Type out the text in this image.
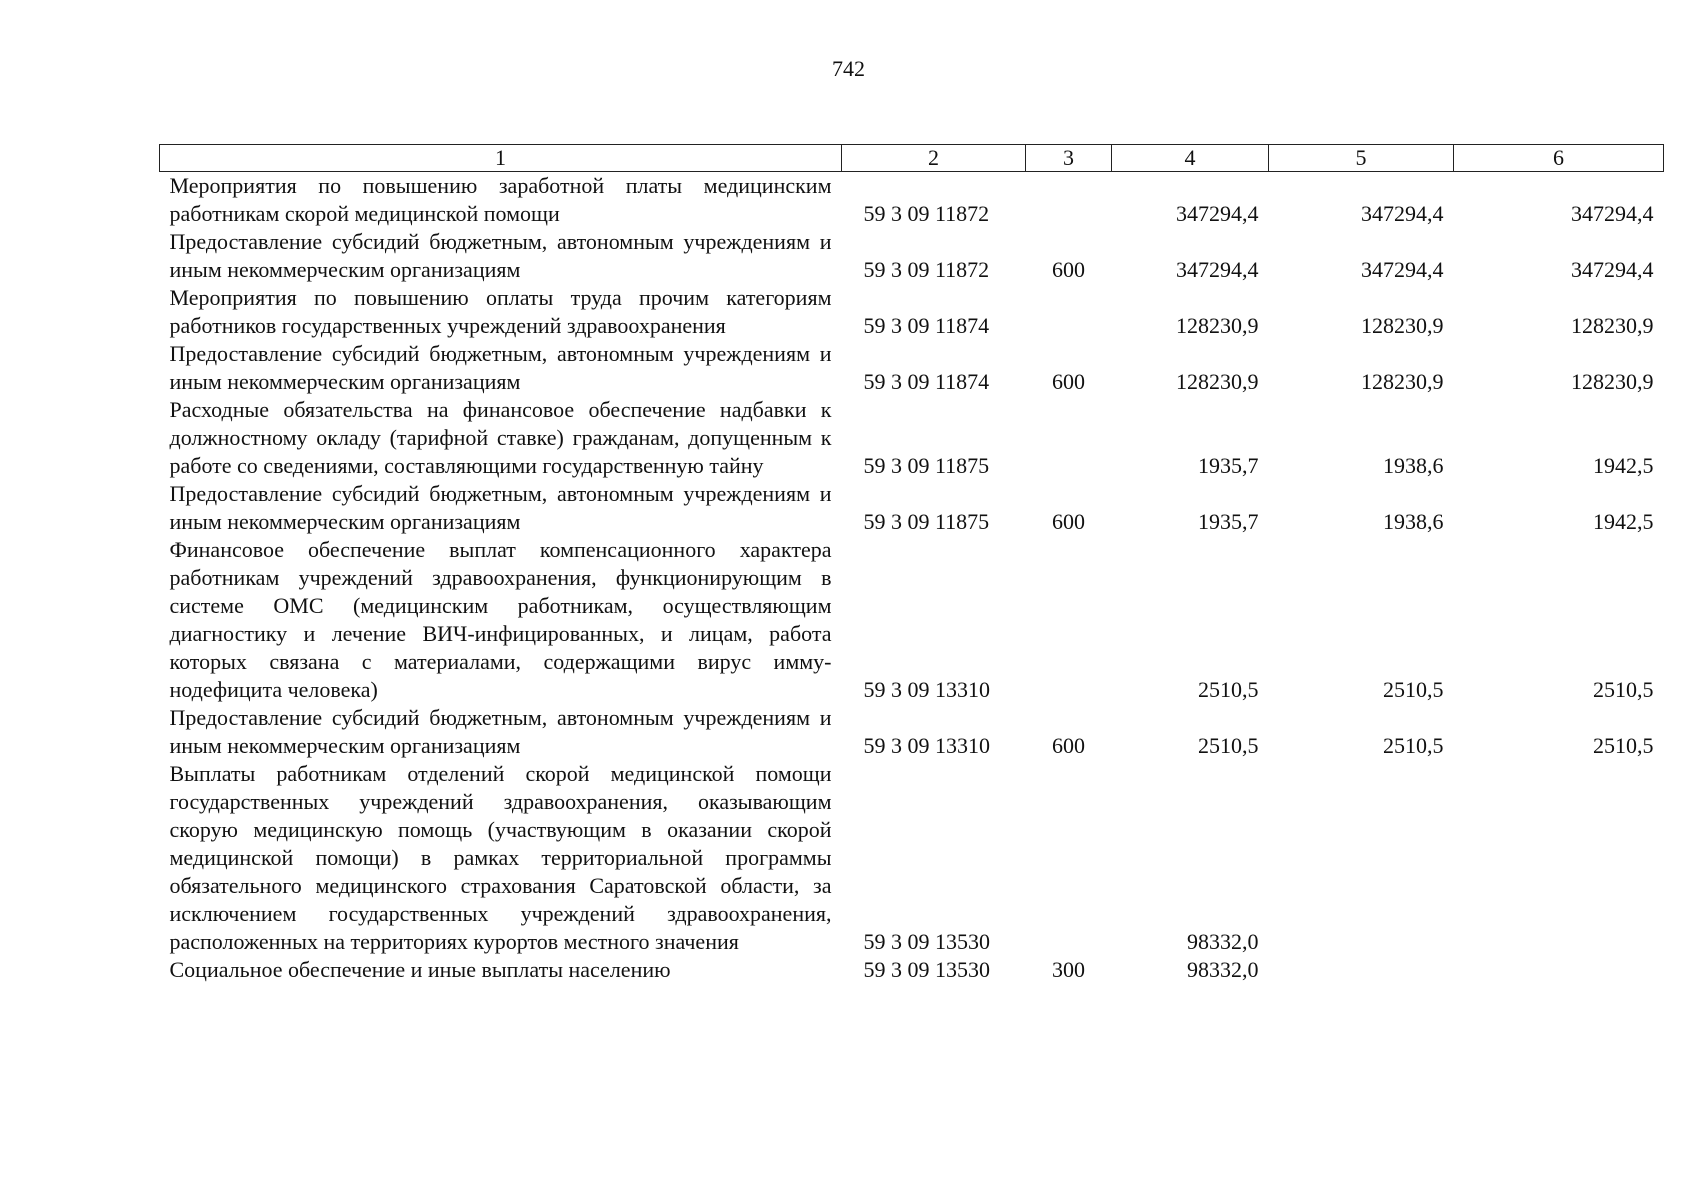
742
1	2	3	4	5	6
Мероприятия по повышению заработной платы медицинским работникам скорой медицинской помощи	59 3 09 11872		347294,4	347294,4	347294,4
Предоставление субсидий бюджетным, автономным учреждениям и иным некоммерческим организациям	59 3 09 11872	600	347294,4	347294,4	347294,4
Мероприятия по повышению оплаты труда прочим категориям работников государственных учреждений здравоохранения	59 3 09 11874		128230,9	128230,9	128230,9
Предоставление субсидий бюджетным, автономным учреждениям и иным некоммерческим организациям	59 3 09 11874	600	128230,9	128230,9	128230,9
Расходные обязательства на финансовое обеспечение надбавки к должностному окладу (тарифной ставке) гражданам, допущенным к работе со сведениями, составляющими государственную тайну	59 3 09 11875		1935,7	1938,6	1942,5
Предоставление субсидий бюджетным, автономным учреждениям и иным некоммерческим организациям	59 3 09 11875	600	1935,7	1938,6	1942,5
Финансовое обеспечение выплат компенсационного характера работникам учреждений здравоохранения, функционирующим в системе ОМС (медицинским работникам, осуществляющим диагностику и лечение ВИЧ-инфицированных, и лицам, работа которых связана с материалами, содержащими вирус иммунодефицита человека)	59 3 09 13310		2510,5	2510,5	2510,5
Предоставление субсидий бюджетным, автономным учреждениям и иным некоммерческим организациям	59 3 09 13310	600	2510,5	2510,5	2510,5
Выплаты работникам отделений скорой медицинской помощи государственных учреждений здравоохранения, оказывающим скорую медицинскую помощь (участвующим в оказании скорой медицинской помощи) в рамках территориальной программы обязательного медицинского страхования Саратовской области, за исключением государственных учреждений здравоохранения, расположенных на территориях курортов местного значения	59 3 09 13530		98332,0		
Социальное обеспечение и иные выплаты населению	59 3 09 13530	300	98332,0		
